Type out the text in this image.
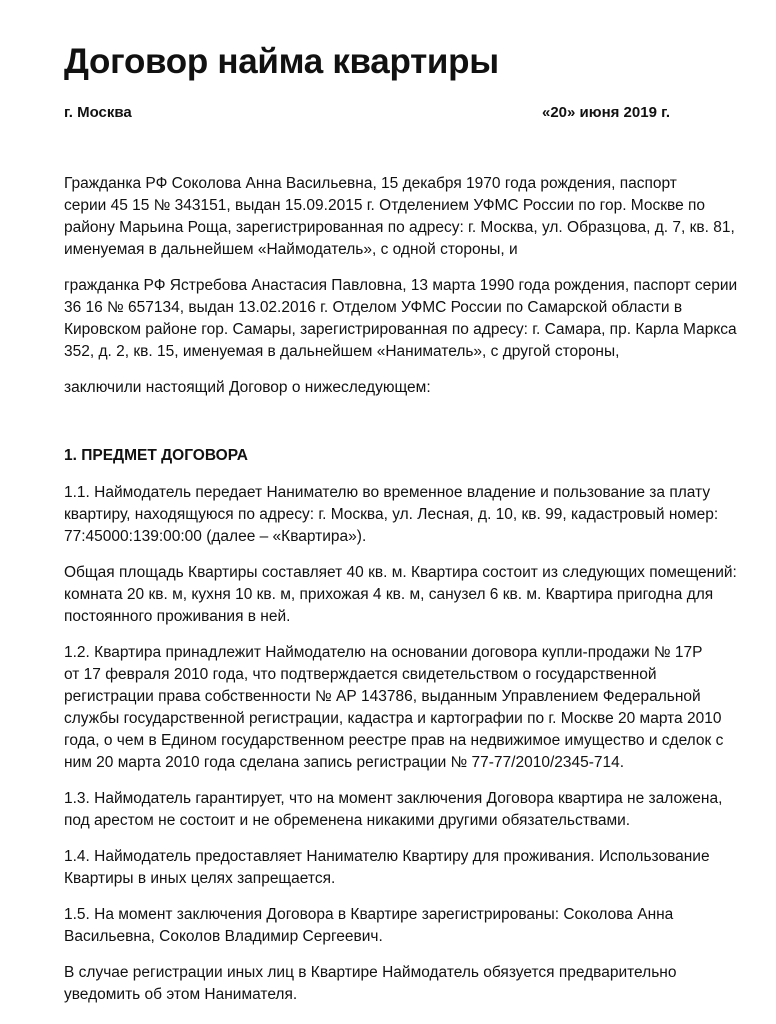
Договор найма квартиры
г. Москва	«20» июня 2019 г.

Гражданка РФ Соколова Анна Васильевна, 15 декабря 1970 года рождения, паспорт
серии 45 15 № 343151, выдан 15.09.2015 г. Отделением УФМС России по гор. Москве по
району Марьина Роща, зарегистрированная по адресу: г. Москва, ул. Образцова, д. 7, кв. 81,
именуемая в дальнейшем «Наймодатель», с одной стороны, и

гражданка РФ Ястребова Анастасия Павловна, 13 марта 1990 года рождения, паспорт серии
36 16 № 657134, выдан 13.02.2016 г. Отделом УФМС России по Самарской области в
Кировском районе гор. Самары, зарегистрированная по адресу: г. Самара, пр. Карла Маркса
352, д. 2, кв. 15, именуемая в дальнейшем «Наниматель», с другой стороны,

заключили настоящий Договор о нижеследующем:

1. ПРЕДМЕТ ДОГОВОРА

1.1. Наймодатель передает Нанимателю во временное владение и пользование за плату
квартиру, находящуюся по адресу: г. Москва, ул. Лесная, д. 10, кв. 99, кадастровый номер:
77:45000:139:00:00 (далее – «Квартира»).

Общая площадь Квартиры составляет 40 кв. м. Квартира состоит из следующих помещений:
комната 20 кв. м, кухня 10 кв. м, прихожая 4 кв. м, санузел 6 кв. м. Квартира пригодна для
постоянного проживания в ней.

1.2. Квартира принадлежит Наймодателю на основании договора купли-продажи № 17Р
от 17 февраля 2010 года, что подтверждается свидетельством о государственной
регистрации права собственности № АР 143786, выданным Управлением Федеральной
службы государственной регистрации, кадастра и картографии по г. Москве 20 марта 2010
года, о чем в Едином государственном реестре прав на недвижимое имущество и сделок с
ним 20 марта 2010 года сделана запись регистрации № 77-77/2010/2345-714.

1.3. Наймодатель гарантирует, что на момент заключения Договора квартира не заложена,
под арестом не состоит и не обременена никакими другими обязательствами.

1.4. Наймодатель предоставляет Нанимателю Квартиру для проживания. Использование
Квартиры в иных целях запрещается.

1.5. На момент заключения Договора в Квартире зарегистрированы: Соколова Анна
Васильевна, Соколов Владимир Сергеевич.

В случае регистрации иных лиц в Квартире Наймодатель обязуется предварительно
уведомить об этом Нанимателя.
